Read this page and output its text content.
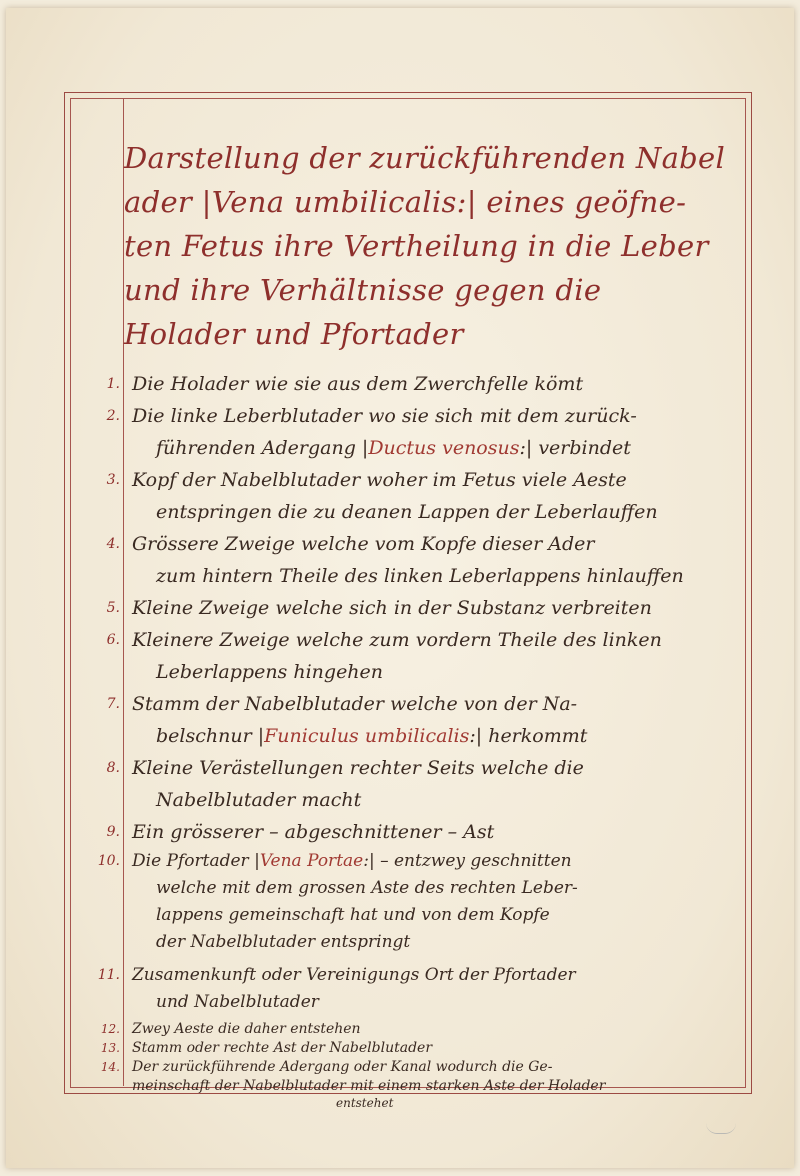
Darstellung der zurückführenden Nabel
ader |Vena umbilicalis:| eines geöfne-
ten Fetus ihre Vertheilung in die Leber
und ihre Verhältnisse gegen die
Holader und Pfortader
1. Die Holader wie sie aus dem Zwerchfelle kömt
2. Die linke Leberblutader wo sie sich mit dem zurück-
führenden Adergang |Ductus venosus:| verbindet
3. Kopf der Nabelblutader woher im Fetus viele Aeste
entspringen die zu deanen Lappen der Leberlauffen
4. Grössere Zweige welche vom Kopfe dieser Ader
zum hintern Theile des linken Leberlappens hinlauffen
5. Kleine Zweige welche sich in der Substanz verbreiten
6. Kleinere Zweige welche zum vordern Theile des linken
Leberlappens hingehen
7. Stamm der Nabelblutader welche von der Na-
belschnur |Funiculus umbilicalis:| herkommt
8. Kleine Verästellungen rechter Seits welche die
Nabelblutader macht
9. Ein grösserer – abgeschnittener – Ast
10. Die Pfortader |Vena Portae:| – entzwey geschnitten
welche mit dem grossen Aste des rechten Leber-
lappens gemeinschaft hat und von dem Kopfe
der Nabelblutader entspringt
11. Zusamenkunft oder Vereinigungs Ort der Pfortader
und Nabelblutader
12. Zwey Aeste die daher entstehen
13. Stamm oder rechte Ast der Nabelblutader
14. Der zurückführende Adergang oder Kanal wodurch die Ge-
meinschaft der Nabelblutader mit einem starken Aste der Holader
entstehet
